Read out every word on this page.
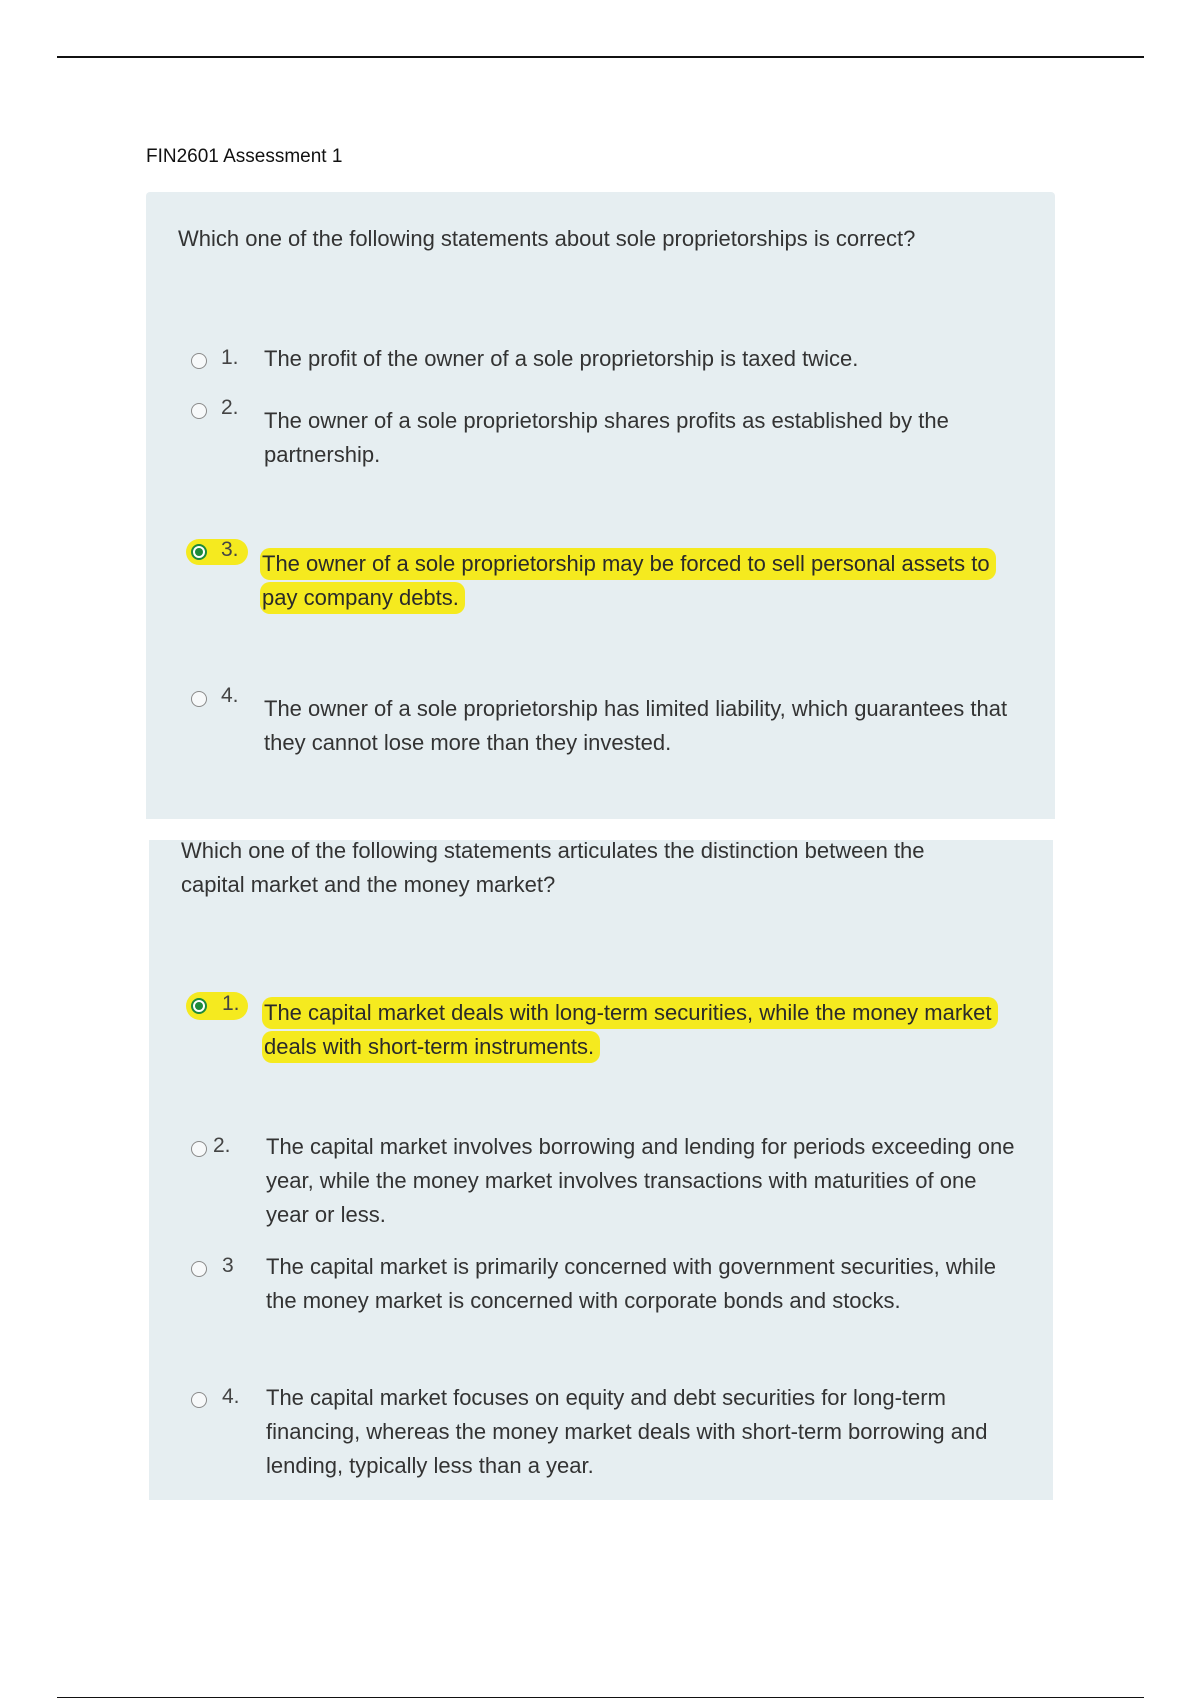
FIN2601 Assessment 1
Which one of the following statements about sole proprietorships is correct?
1. The profit of the owner of a sole proprietorship is taxed twice.
2.
The owner of a sole proprietorship shares profits as established by the partnership.
3.
The owner of a sole proprietorship may be forced to sell personal assets to pay company debts.
4.
The owner of a sole proprietorship has limited liability, which guarantees that they cannot lose more than they invested.
Which one of the following statements articulates the distinction between the capital market and the money market?
1. The capital market deals with long-term securities, while the money market deals with short-term instruments.
2. The capital market involves borrowing and lending for periods exceeding one year, while the money market involves transactions with maturities of one year or less.
3 The capital market is primarily concerned with government securities, while the money market is concerned with corporate bonds and stocks.
4. The capital market focuses on equity and debt securities for long-term financing, whereas the money market deals with short-term borrowing and lending, typically less than a year.
